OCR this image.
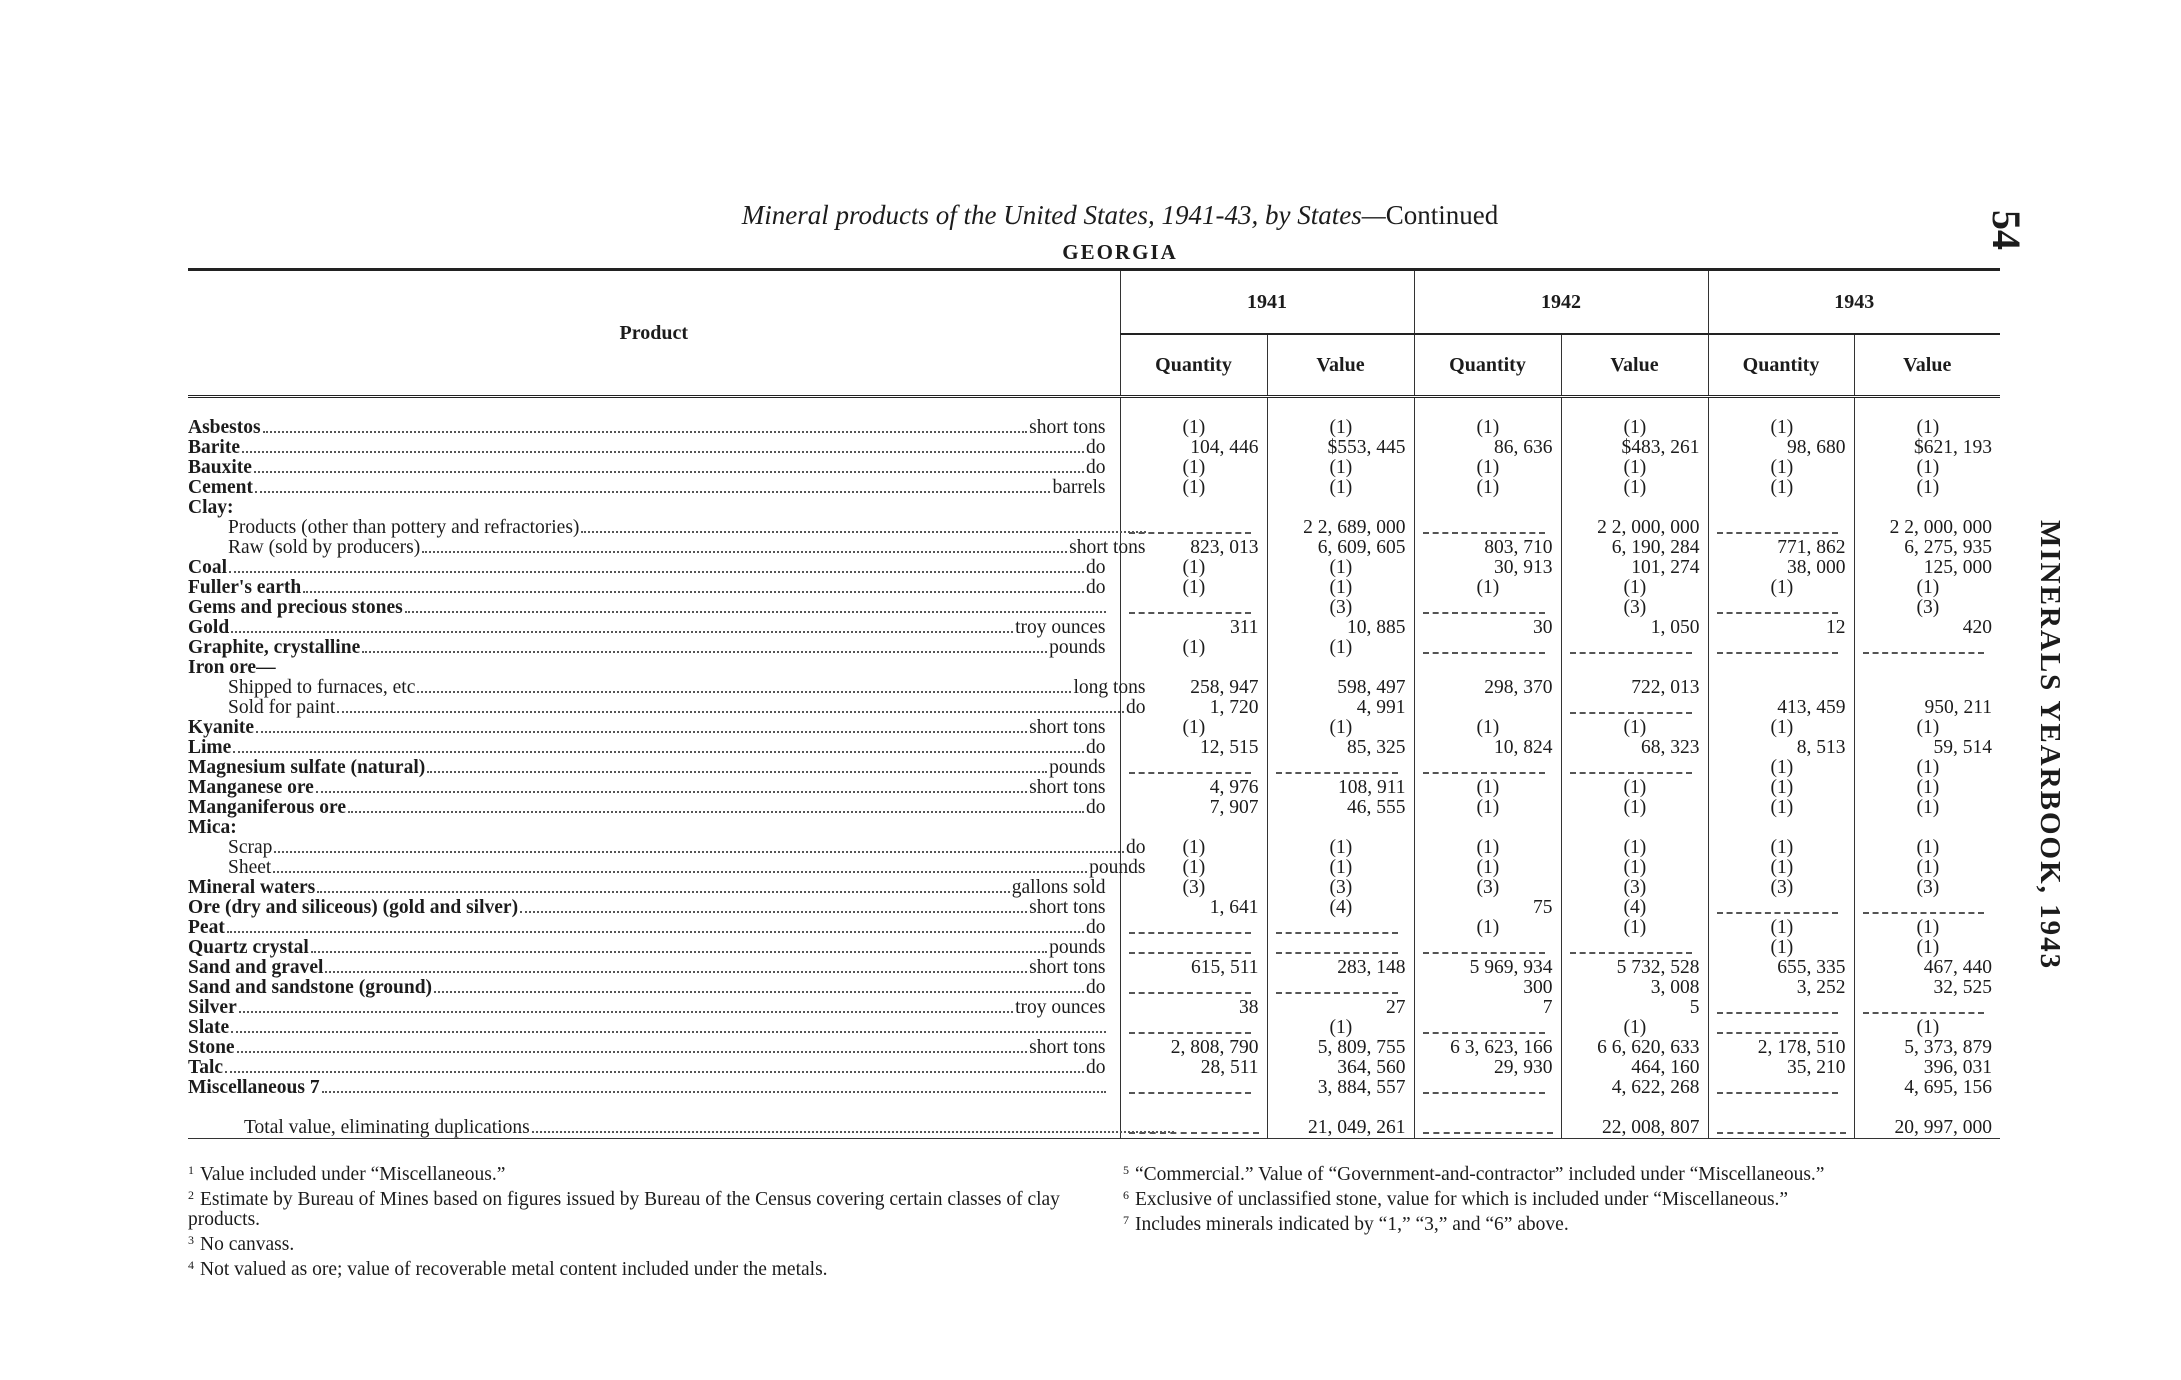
Mineral products of the United States, 1941-43, by States—Continued
GEORGIA
54
MINERALS YEARBOOK, 1943
Product	1941		1942		1943	
	Quantity	Value	Quantity	Value	Quantity	Value

Asbestos short tons	(1)	(1)	(1)	(1)	(1)	(1)

Barite do	104, 446	$553, 445	86, 636	$483, 261	98, 680	$621, 193

Bauxite do	(1)	(1)	(1)	(1)	(1)	(1)

Cement barrels	(1)	(1)	(1)	(1)	(1)	(1)

Clay:						

Products (other than pottery and refractories)		2 2, 689, 000		2 2, 000, 000		2 2, 000, 000

Raw (sold by producers) short tons	823, 013	6, 609, 605	803, 710	6, 190, 284	771, 862	6, 275, 935

Coal do	(1)	(1)	30, 913	101, 274	38, 000	125, 000

Fuller's earth do	(1)	(1)	(1)	(1)	(1)	(1)

Gems and precious stones		(3)		(3)		(3)

Gold troy ounces	311	10, 885	30	1, 050	12	420

Graphite, crystalline pounds	(1)	(1)	

Iron ore—						

Shipped to furnaces, etc long tons	258, 947	598, 497	298, 370	722, 013		

Sold for paint do	1, 720	4, 991			413, 459	950, 211

Kyanite short tons	(1)	(1)	(1)	(1)	(1)	(1)

Lime do	12, 515	85, 325	10, 824	68, 323	8, 513	59, 514

Magnesium sulfate (natural) pounds					(1)	(1)

Manganese ore short tons	4, 976	108, 911	(1)	(1)	(1)	(1)

Manganiferous ore do	7, 907	46, 555	(1)	(1)	(1)	(1)

Mica:						

Scrap do	(1)	(1)	(1)	(1)	(1)	(1)

Sheet pounds	(1)	(1)	(1)	(1)	(1)	(1)

Mineral waters gallons sold	(3)	(3)	(3)	(3)	(3)	(3)

Ore (dry and siliceous) (gold and silver) short tons	1, 641	(4)	75	(4)	

Peat do			(1)	(1)	(1)	(1)

Quartz crystal pounds					(1)	(1)

Sand and gravel short tons	615, 511	283, 148	5 969, 934	5 732, 528	655, 335	467, 440

Sand and sandstone (ground) do			300	3, 008	3, 252	32, 525

Silver troy ounces	38	27	7	5	

Slate		(1)		(1)		(1)

Stone short tons	2, 808, 790	5, 809, 755	6 3, 623, 166	6 6, 620, 633	2, 178, 510	5, 373, 879

Talc do	28, 511	364, 560	29, 930	464, 160	35, 210	396, 031

Miscellaneous 7		3, 884, 557		4, 622, 268		4, 695, 156

Total value, eliminating duplications		21, 049, 261		22, 008, 807		20, 997, 000
$^1$ Value included under “Miscellaneous.”
$^2$ Estimate by Bureau of Mines based on figures issued by Bureau of the Census covering certain classes of clay products.
$^3$ No canvass.
$^4$ Not valued as ore; value of recoverable metal content included under the metals.
$^5$ “Commercial.” Value of “Government-and-contractor” included under “Miscellaneous.”
$^6$ Exclusive of unclassified stone, value for which is included under “Miscellaneous.”
$^7$ Includes minerals indicated by “1,” “3,” and “6” above.
